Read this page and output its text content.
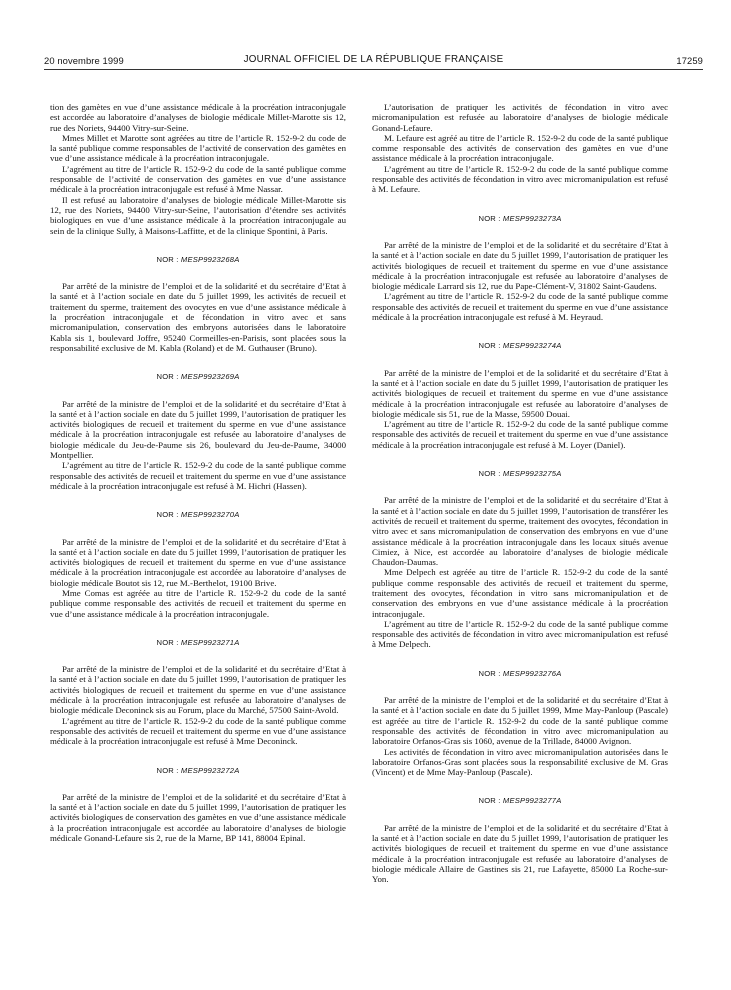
20 novembre 1999	JOURNAL OFFICIEL DE LA RÉPUBLIQUE FRANÇAISE	17259

tion des gamètes en vue d’une assistance médicale à la procréation intraconjugale est accordée au laboratoire d’analyses de biologie médicale Millet-Marotte sis 12, rue des Noriets, 94400 Vitry-sur-Seine.

Mmes Millet et Marotte sont agréées au titre de l’article R. 152-9-2 du code de la santé publique comme responsables de l’activité de conservation des gamètes en vue d’une assistance médicale à la procréation intraconjugale.

L’agrément au titre de l’article R. 152-9-2 du code de la santé publique comme responsable de l’activité de conservation des gamètes en vue d’une assistance médicale à la procréation intraconjugale est refusé à Mme Nassar.

Il est refusé au laboratoire d’analyses de biologie médicale Millet-Marotte sis 12, rue des Noriets, 94400 Vitry-sur-Seine, l’autorisation d’étendre ses activités biologiques en vue d’une assistance médicale à la procréation intraconjugale au sein de la clinique Sully, à Maisons-Laffitte, et de la clinique Spontini, à Paris.

NOR : MESP9923268A

Par arrêté de la ministre de l’emploi et de la solidarité et du secrétaire d’Etat à la santé et à l’action sociale en date du 5 juillet 1999, les activités de recueil et traitement du sperme, traitement des ovocytes en vue d’une assistance médicale à la procréation intraconjugale et de fécondation in vitro avec et sans micromanipulation, conservation des embryons autorisées dans le laboratoire Kabla sis 1, boulevard Joffre, 95240 Cormeilles-en-Parisis, sont placées sous la responsabilité exclusive de M. Kabla (Roland) et de M. Guthauser (Bruno).

NOR : MESP9923269A

Par arrêté de la ministre de l’emploi et de la solidarité et du secrétaire d’Etat à la santé et à l’action sociale en date du 5 juillet 1999, l’autorisation de pratiquer les activités biologiques de recueil et traitement du sperme en vue d’une assistance médicale à la procréation intraconjugale est refusée au laboratoire d’analyses de biologie médicale du Jeu-de-Paume sis 26, boulevard du Jeu-de-Paume, 34000 Montpellier.

L’agrément au titre de l’article R. 152-9-2 du code de la santé publique comme responsable des activités de recueil et traitement du sperme en vue d’une assistance médicale à la procréation intraconjugale est refusé à M. Hichri (Hassen).

NOR : MESP9923270A

Par arrêté de la ministre de l’emploi et de la solidarité et du secrétaire d’Etat à la santé et à l’action sociale en date du 5 juillet 1999, l’autorisation de pratiquer les activités biologiques de recueil et traitement du sperme en vue d’une assistance médicale à la procréation intraconjugale est accordée au laboratoire d’analyses de biologie médicale Boutot sis 12, rue M.-Berthelot, 19100 Brive.

Mme Comas est agréée au titre de l’article R. 152-9-2 du code de la santé publique comme responsable des activités de recueil et traitement du sperme en vue d’une assistance médicale à la procréation intraconjugale.

NOR : MESP9923271A

Par arrêté de la ministre de l’emploi et de la solidarité et du secrétaire d’Etat à la santé et à l’action sociale en date du 5 juillet 1999, l’autorisation de pratiquer les activités biologiques de recueil et traitement du sperme en vue d’une assistance médicale à la procréation intraconjugale est refusée au laboratoire d’analyses de biologie médicale Deconinck sis au Forum, place du Marché, 57500 Saint-Avold.

L’agrément au titre de l’article R. 152-9-2 du code de la santé publique comme responsable des activités de recueil et traitement du sperme en vue d’une assistance médicale à la procréation intraconjugale est refusé à Mme Deconinck.

NOR : MESP9923272A

Par arrêté de la ministre de l’emploi et de la solidarité et du secrétaire d’Etat à la santé et à l’action sociale en date du 5 juillet 1999, l’autorisation de pratiquer les activités biologiques de conservation des gamètes en vue d’une assistance médicale à la procréation intraconjugale est accordée au laboratoire d’analyses de biologie médicale Gonand-Lefaure sis 2, rue de la Marne, BP 141, 88004 Epinal.

L’autorisation de pratiquer les activités de fécondation in vitro avec micromanipulation est refusée au laboratoire d’analyses de biologie médicale Gonand-Lefaure.

M. Lefaure est agréé au titre de l’article R. 152-9-2 du code de la santé publique comme responsable des activités de conservation des gamètes en vue d’une assistance médicale à la procréation intraconjugale.

L’agrément au titre de l’article R. 152-9-2 du code de la santé publique comme responsable des activités de fécondation in vitro avec micromanipulation est refusé à M. Lefaure.

NOR : MESP9923273A

Par arrêté de la ministre de l’emploi et de la solidarité et du secrétaire d’Etat à la santé et à l’action sociale en date du 5 juillet 1999, l’autorisation de pratiquer les activités biologiques de recueil et traitement du sperme en vue d’une assistance médicale à la procréation intraconjugale est refusée au laboratoire d’analyses de biologie médicale Larrard sis 12, rue du Pape-Clément-V, 31802 Saint-Gaudens.

L’agrément au titre de l’article R. 152-9-2 du code de la santé publique comme responsable des activités de recueil et traitement du sperme en vue d’une assistance médicale à la procréation intraconjugale est refusé à M. Heyraud.

NOR : MESP9923274A

Par arrêté de la ministre de l’emploi et de la solidarité et du secrétaire d’Etat à la santé et à l’action sociale en date du 5 juillet 1999, l’autorisation de pratiquer les activités biologiques de recueil et traitement du sperme en vue d’une assistance médicale à la procréation intraconjugale est refusée au laboratoire d’analyses de biologie médicale sis 51, rue de la Masse, 59500 Douai.

L’agrément au titre de l’article R. 152-9-2 du code de la santé publique comme responsable des activités de recueil et traitement du sperme en vue d’une assistance médicale à la procréation intraconjugale est refusé à M. Loyer (Daniel).

NOR : MESP9923275A

Par arrêté de la ministre de l’emploi et de la solidarité et du secrétaire d’Etat à la santé et à l’action sociale en date du 5 juillet 1999, l’autorisation de transférer les activités de recueil et traitement du sperme, traitement des ovocytes, fécondation in vitro avec et sans micromanipulation de conservation des embryons en vue d’une assistance médicale à la procréation intraconjugale dans les locaux situés avenue Cimiez, à Nice, est accordée au laboratoire d’analyses de biologie médicale Chaudon-Daumas.

Mme Delpech est agréée au titre de l’article R. 152-9-2 du code de la santé publique comme responsable des activités de recueil et traitement du sperme, traitement des ovocytes, fécondation in vitro sans micromanipulation et de conservation des embryons en vue d’une assistance médicale à la procréation intraconjugale.

L’agrément au titre de l’article R. 152-9-2 du code de la santé publique comme responsable des activités de fécondation in vitro avec micromanipulation est refusé à Mme Delpech.

NOR : MESP9923276A

Par arrêté de la ministre de l’emploi et de la solidarité et du secrétaire d’Etat à la santé et à l’action sociale en date du 5 juillet 1999, Mme May-Panloup (Pascale) est agréée au titre de l’article R. 152-9-2 du code de la santé publique comme responsable des activités de fécondation in vitro avec micromanipulation au laboratoire Orfanos-Gras sis 1060, avenue de la Trillade, 84000 Avignon.

Les activités de fécondation in vitro avec micromanipulation autorisées dans le laboratoire Orfanos-Gras sont placées sous la responsabilité exclusive de M. Gras (Vincent) et de Mme May-Panloup (Pascale).

NOR : MESP9923277A

Par arrêté de la ministre de l’emploi et de la solidarité et du secrétaire d’Etat à la santé et à l’action sociale en date du 5 juillet 1999, l’autorisation de pratiquer les activités biologiques de recueil et traitement du sperme en vue d’une assistance médicale à la procréation intraconjugale est refusée au laboratoire d’analyses de biologie médicale Allaire de Gastines sis 21, rue Lafayette, 85000 La Roche-sur-Yon.
